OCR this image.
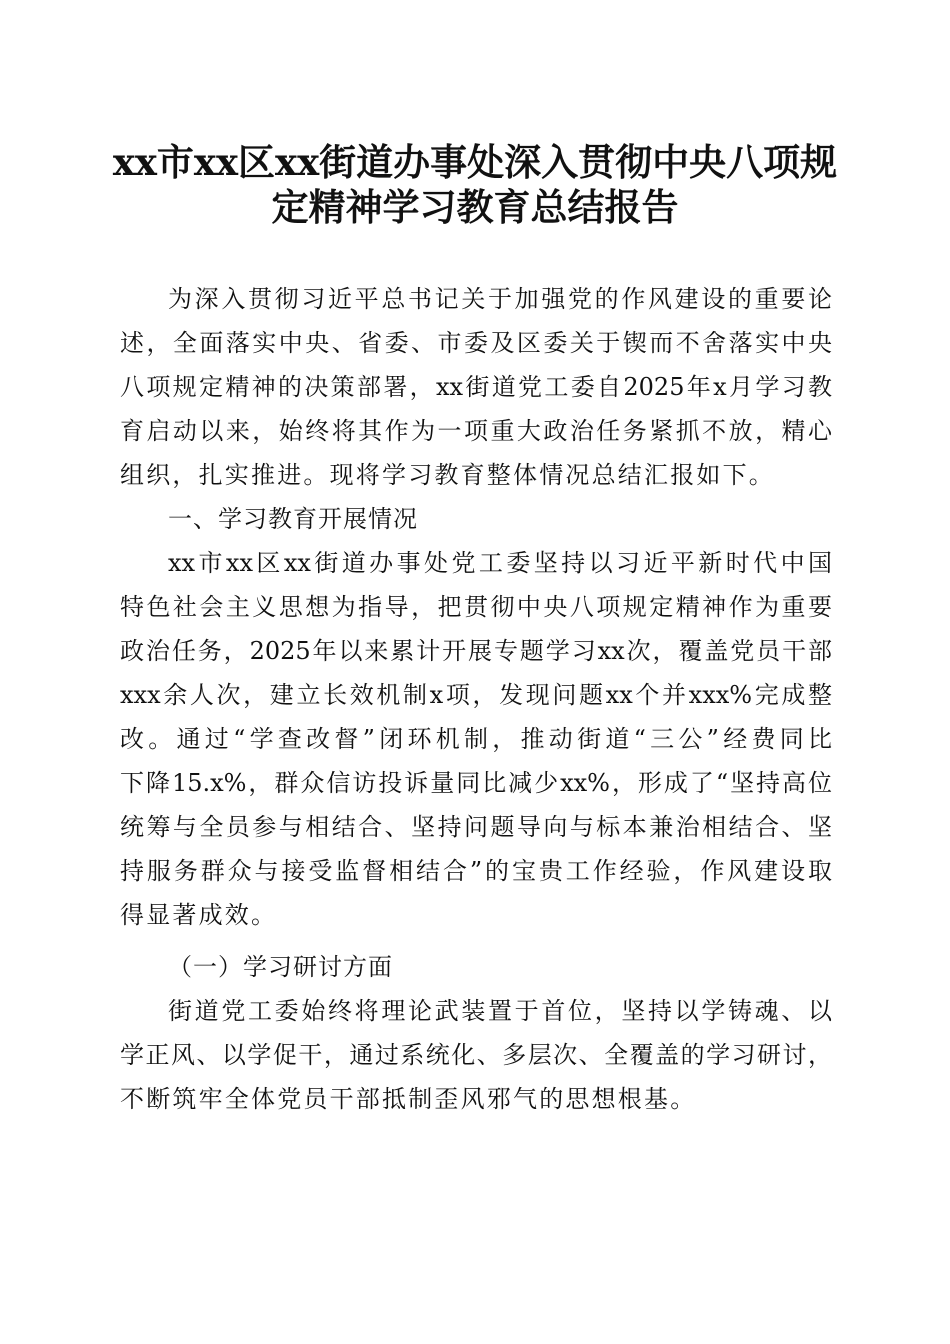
xx市xx区xx街道办事处深入贯彻中央八项规
定精神学习教育总结报告
为深入贯彻习近平总书记关于加强党的作风建设的重要论
述，全面落实中央、省委、市委及区委关于锲而不舍落实中央
八项规定精神的决策部署，xx街道党工委自2025年x月学习教
育启动以来，始终将其作为一项重大政治任务紧抓不放，精心
组织，扎实推进。现将学习教育整体情况总结汇报如下。
一、学习教育开展情况
xx市xx区xx街道办事处党工委坚持以习近平新时代中国
特色社会主义思想为指导，把贯彻中央八项规定精神作为重要
政治任务，2025年以来累计开展专题学习xx次，覆盖党员干部
xxx余人次，建立长效机制x项，发现问题xx个并xxx%完成整
改。通过“学查改督”闭环机制，推动街道“三公”经费同比
下降15.x%，群众信访投诉量同比减少xx%，形成了“坚持高位
统筹与全员参与相结合、坚持问题导向与标本兼治相结合、坚
持服务群众与接受监督相结合”的宝贵工作经验，作风建设取
得显著成效。
（一）学习研讨方面
街道党工委始终将理论武装置于首位，坚持以学铸魂、以
学正风、以学促干，通过系统化、多层次、全覆盖的学习研讨，
不断筑牢全体党员干部抵制歪风邪气的思想根基。
